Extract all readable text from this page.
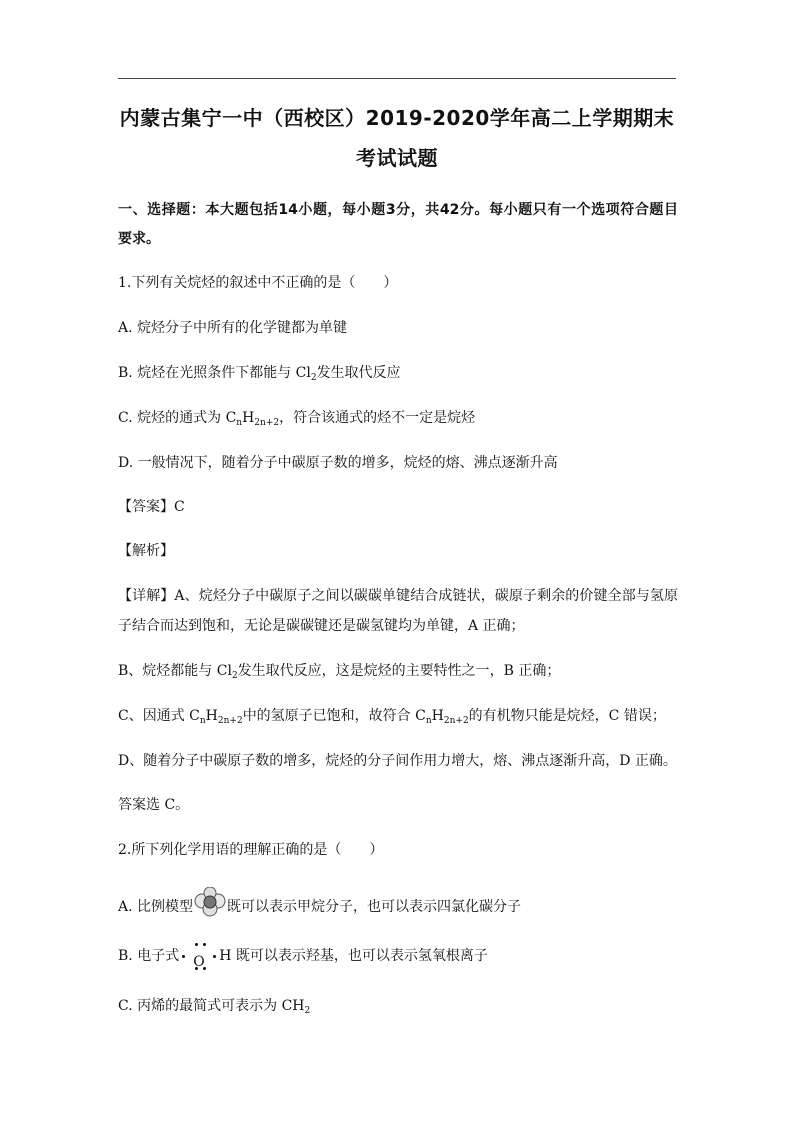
内蒙古集宁一中（西校区）2019-2020学年高二上学期期末
考试试题
一、选择题：本大题包括14小题，每小题3分，共42分。每小题只有一个选项符合题目
要求。
1.下列有关烷烃的叙述中不正确的是（　　）
A. 烷烃分子中所有的化学键都为单键
B. 烷烃在光照条件下都能与 $Cl_2$发生取代反应
C. 烷烃的通式为 $C_nH_{2n+2}$，符合该通式的烃不一定是烷烃
D. 一般情况下，随着分子中碳原子数的增多，烷烃的熔、沸点逐渐升高
【答案】C
【解析】
【详解】A、烷烃分子中碳原子之间以碳碳单键结合成链状，碳原子剩余的价键全部与氢原
子结合而达到饱和，无论是碳碳键还是碳氢键均为单键，A 正确；
B、烷烃都能与 $Cl_2$发生取代反应，这是烷烃的主要特性之一，B 正确；
C、因通式 $C_nH_{2n+2}$中的氢原子已饱和，故符合 $C_nH_{2n+2}$的有机物只能是烷烃，C 错误；
D、随着分子中碳原子数的增多，烷烃的分子间作用力增大，熔、沸点逐渐升高，D 正确。
答案选 C。
2.所下列化学用语的理解正确的是（　　）
A. 比例模型 既可以表示甲烷分子，也可以表示四氯化碳分子
B. 电子式 O H 既可以表示羟基，也可以表示氢氧根离子
C. 丙烯的最简式可表示为 $CH_2$
